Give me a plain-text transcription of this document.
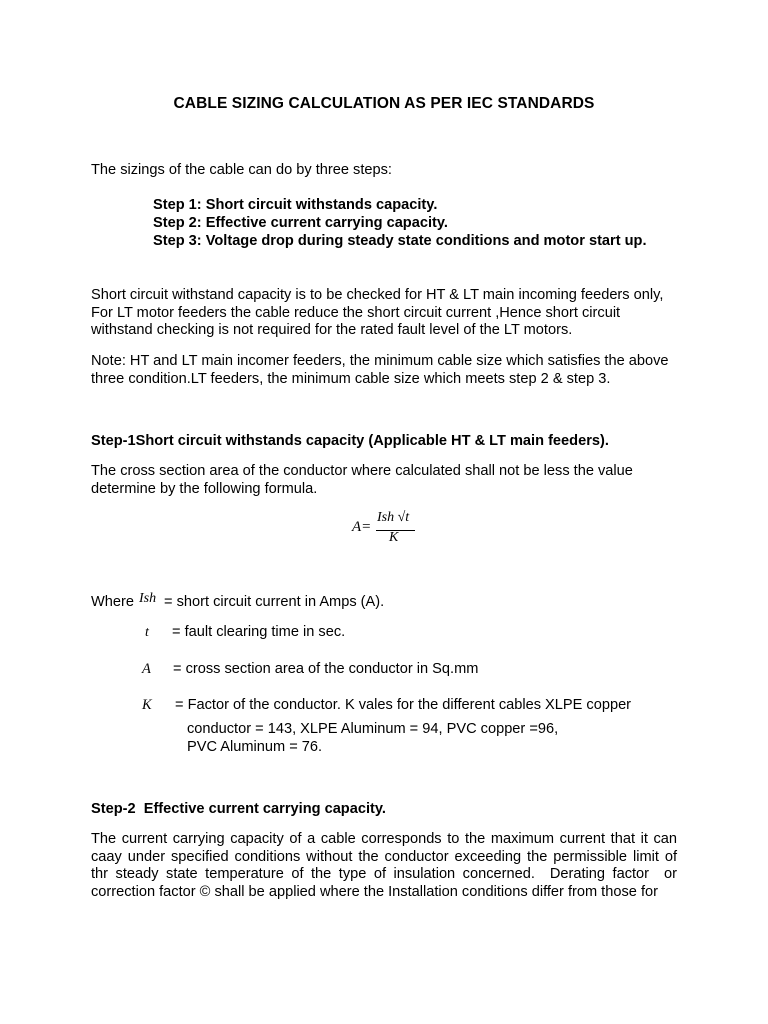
CABLE SIZING CALCULATION AS PER IEC STANDARDS
The sizings of the cable can do by three steps:
Step 1: Short circuit withstands capacity.
Step 2: Effective current carrying capacity.
Step 3: Voltage drop during steady state conditions and motor start up.
Short circuit withstand capacity is to be checked for HT & LT main incoming feeders only, For LT motor feeders the cable reduce the short circuit current ,Hence short circuit withstand checking is not required for the rated fault level of the LT motors.
Note: HT and LT main incomer feeders, the minimum cable size which satisfies the above three condition.LT feeders, the minimum cable size which meets step 2 & step 3.
Step-1Short circuit withstands capacity (Applicable HT & LT main feeders).
The cross section area of the conductor where calculated shall not be less the value determine by the following formula.
A=
Ish √t
K
Where Ish = short circuit current in Amps (A).
t = fault clearing time in sec.
A = cross section area of the conductor in Sq.mm
K = Factor of the conductor. K vales for the different cables XLPE copper
conductor = 143, XLPE Aluminum = 94, PVC copper =96,
PVC Aluminum = 76.
Step-2  Effective current carrying capacity.
The current carrying capacity of a cable corresponds to the maximum current that it can caay under specified conditions without the conductor exceeding the permissible limit of thr steady state temperature of the type of insulation concerned.  Derating factor  or correction factor © shall be applied where the Installation conditions differ from those for
